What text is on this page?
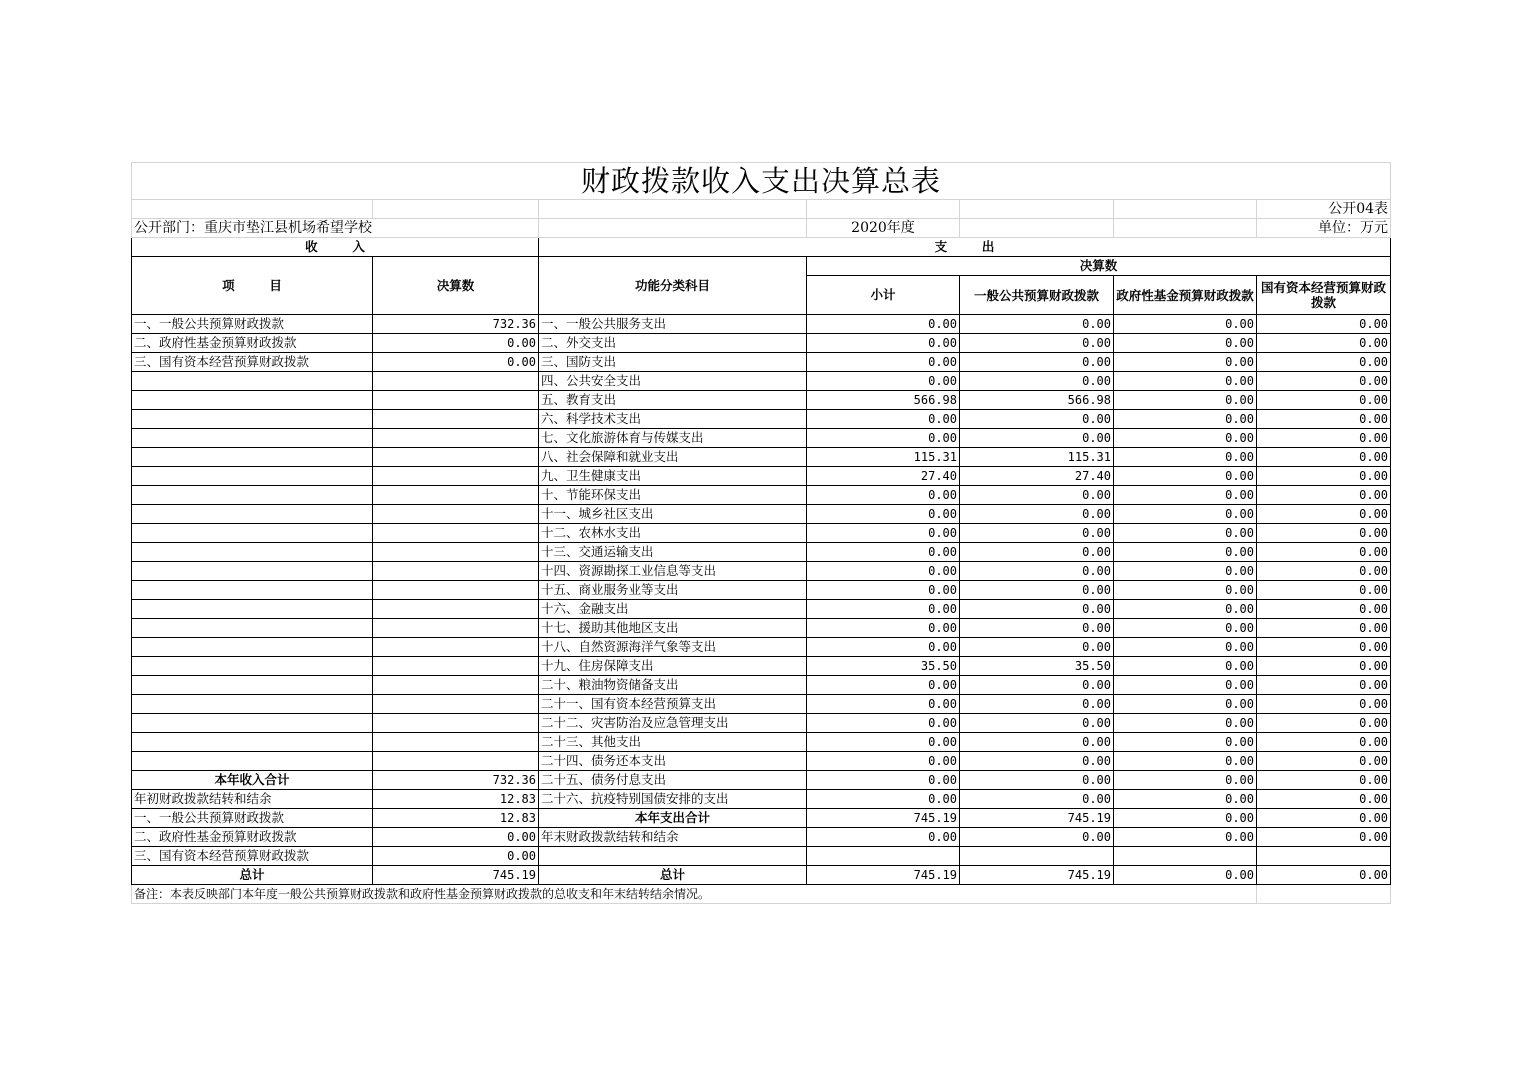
财政拨款收入支出决算总表						
						公开04表
公开部门：重庆市垫江县机场希望学校			2020年度			单位：万元
收        入		支        出				
项        目	决算数	功能分类科目	决算数			
			小计	一般公共预算财政拨款	政府性基金预算财政拨款	国有资本经营预算财政拨款
一、一般公共预算财政拨款	732.36	一、一般公共服务支出	0.00	0.00	0.00	0.00
二、政府性基金预算财政拨款	0.00	二、外交支出	0.00	0.00	0.00	0.00
三、国有资本经营预算财政拨款	0.00	三、国防支出	0.00	0.00	0.00	0.00
		四、公共安全支出	0.00	0.00	0.00	0.00
		五、教育支出	566.98	566.98	0.00	0.00
		六、科学技术支出	0.00	0.00	0.00	0.00
		七、文化旅游体育与传媒支出	0.00	0.00	0.00	0.00
		八、社会保障和就业支出	115.31	115.31	0.00	0.00
		九、卫生健康支出	27.40	27.40	0.00	0.00
		十、节能环保支出	0.00	0.00	0.00	0.00
		十一、城乡社区支出	0.00	0.00	0.00	0.00
		十二、农林水支出	0.00	0.00	0.00	0.00
		十三、交通运输支出	0.00	0.00	0.00	0.00
		十四、资源勘探工业信息等支出	0.00	0.00	0.00	0.00
		十五、商业服务业等支出	0.00	0.00	0.00	0.00
		十六、金融支出	0.00	0.00	0.00	0.00
		十七、援助其他地区支出	0.00	0.00	0.00	0.00
		十八、自然资源海洋气象等支出	0.00	0.00	0.00	0.00
		十九、住房保障支出	35.50	35.50	0.00	0.00
		二十、粮油物资储备支出	0.00	0.00	0.00	0.00
		二十一、国有资本经营预算支出	0.00	0.00	0.00	0.00
		二十二、灾害防治及应急管理支出	0.00	0.00	0.00	0.00
		二十三、其他支出	0.00	0.00	0.00	0.00
		二十四、债务还本支出	0.00	0.00	0.00	0.00
本年收入合计	732.36	二十五、债务付息支出	0.00	0.00	0.00	0.00
年初财政拨款结转和结余	12.83	二十六、抗疫特别国债安排的支出	0.00	0.00	0.00	0.00
一、一般公共预算财政拨款	12.83	本年支出合计	745.19	745.19	0.00	0.00
二、政府性基金预算财政拨款	0.00	年末财政拨款结转和结余	0.00	0.00	0.00	0.00
三、国有资本经营预算财政拨款	0.00					
总计	745.19	总计	745.19	745.19	0.00	0.00
备注：本表反映部门本年度一般公共预算财政拨款和政府性基金预算财政拨款的总收支和年末结转结余情况。						
